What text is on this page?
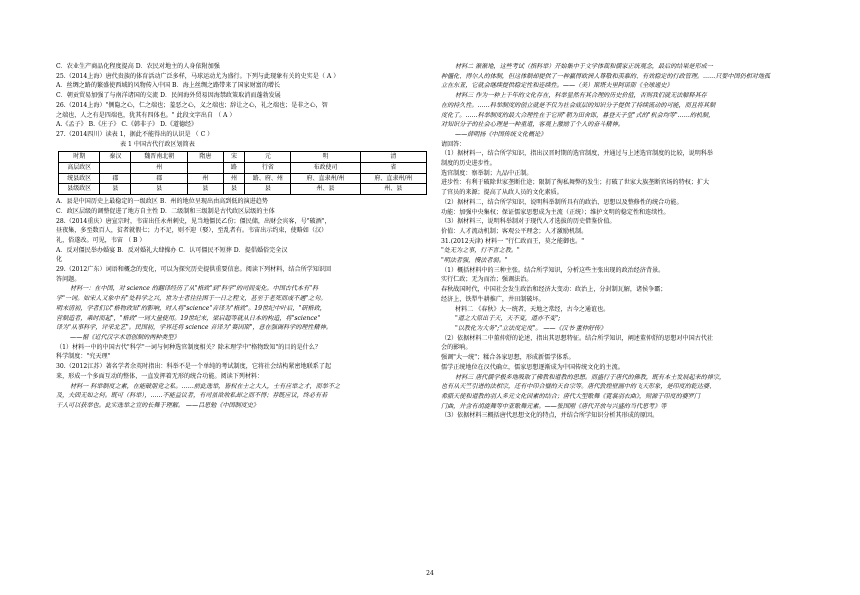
C．农业生产商品化程度提高 D．农民对地主的人身依附加强
25.（2014上海）唐代贵族的体育活动广泛多样，马球运动尤为盛行。下列与此现象有关的史实是（ A ）
A．丝绸之路的繁盛使西域的风物传入中国 B．海上丝绸之路带来了国家财富的增长
C．朝贡贸易加强了与南洋诸国的交流 D．民间海外贸易因海禁政策取消而蓬勃发展
26.（2014上海）"侧隐之心，仁之端也；羞恶之心，义之端也；辞让之心，礼之端也；是非之心，智
之端也，人之有是四端也，犹其有四体也。" 此段文字出自 （ A ）
A.《孟子》 B.《庄子》 C.《韩非子》 D.《道德经》
27.（2014四川）读表 1，据此不能得出的认识是 （ C ）
表 1 中国古代行政区划简表
时期	秦汉	魏晋南北朝	隋唐	宋	元	明	清
高层政区		州		路	行省	布政使司	省
统县政区	郡	郡	州	州	路、府、州	府、直隶州/州	府、直隶州/州
县级政区	县	县	县	县	县	州、县	州、县
A．县是中国历史上最稳定的一级政区 B．州的地位呈现出由高到低的演进趋势
C．政区层级的调整促进了地方自主性 D．二级制和三级制是古代政区层级的主体
28.（2014重庆）唐宣宗时，韦宙出任永州刺史，见当地僵民乙份；僵民储，出财会宾客，号"破酒"，
昼夜集，多至数百人，贫者就假七；力不足，则不迎（娶），至乱者有。韦宙出示约束，使略如（汉）
礼，俗遂改。可见，韦宙 （ B ）
A．反对僵民举办婚宴 B．反对婚礼大肆操办 C．认可僵民不短葬 D．提倡婚俗完全汉
化
29.（2012广东）词语和概念的变化，可以为探究历史提供重要信息。阅读下列材料，结合所学知识回
答问题。
材料一：在中国，对 science 的翻译经历了从"格致"到"科学"的司间变化。中国古代本有"科
学"一词。如宋人又象中有"处科学之兴，世为士者往往困于一日之程文，甚至于老死而或不遇"之句。
明末清初，学者们以"格物致知"的影响，时人将"science"音译为"格致"。19世纪中叶后，"研格致，
营制造者，乘时而起"，"格致"一词大量使用。19世纪末，梁启超等就从日本的构造，将"science"
译为"从事科学，评采北艺"。民国初，学界还将 science 音译为"赛因斯"，意在强调科学的理性精神。
——据《近代汉字术语创制的两种类型》
（1）材料一中的中国古代"科学"一词与何种选官制度相关？除末理学中"格物致知"的目的是什么？
科学制度："究天理"
30.（2012江苏）著名学者余英时指出：科举不是一个单纯的考试制度，它将社会结构紧密地联系了起
来，形成一个多面互动的整体，一直发挥着无形的统合功能。阅读下列材料：
材料一 科举制度之素，在能破朋党之私。……前此选举，皆权在士之大人，士有应举之才，而举不之
及，夫固无如之何。既可（科举），……不能益议者，有司虽欲收私却之而不得；荐既应议，终必有若
干人可以获举也。此实选举之宣的长舞于理解。 ——吕思勉《中国制度史》
材料二 渐渐地，这些考试（指科举）开始集中于文学体裁和儒家正统观念，最后的结果是形成一
种僵化、得尔人的体制，但这体制却提供了一种赢得欧洲人尊敬和羡慕的、有效稳定的行政管理。……只要中国仍相对地孤
立在东亚，它就会继续提供稳定性和连续性。——（美）斯塔夫里阿诺斯《全球通史》
材料三 作为一种上千年的文化存在，科举显然有其合理的历史价值，否则我们就无法解释其存
在的持久性。……科举制度的创立就是不仅为社会底层的知识分子提供了持续流动的可能，而且将其制
度化了。……科举制度的最大合理性在于它所"朝为田舍郎，暮登天子堂"式的"机会均等"……的机制，
对知识分子的社会心理是一种重道，客观上激励了个人的奋斗精神。
——薛明扬《中国传统文化概论》
请回答：
（1）据材料一，结合所学知识，指出汉晋时期的选官制度，并通过与上述选官制度的比较，说明科举
制度的历史进步性。
选官制度：察举制；九品中正制。
进步性：有利于破除世家垄断仕途；限制了徇私舞弊的发生；打破了世家大族垄断官场的特权；扩大
了官员的来源；提高了从政人员的文化素质。
（2）据材料二，结合所学知识，说明科举制所具有的政治、思想以及整修性的统合功能。
功能：加强中央集权；保证儒家思想成为主流（正统）；维护文明的稳定性和连续性。
（3）据材料三，说明科举制对于现代人才选拔的历史借鉴价值。
价值：人才流动机制；客观公平理念；人才激励机制。
31.(2012天津) 材料一 "行仁政而王，莫之能御也。"
"处无为之事，行不言之教。"
"明法者强，慢法者弱。"
（1）概括材料中的三种主张。结合所学知识，分析这些主张出现的政治经济背景。
实行仁政；无为而治；强调法治。
春秋战国时代，中国社会发生政治和经济大变动：政治上，分封制瓦解，诸侯争霸；
经济上，铁犁牛耕推广，井田制破坏。
材料二 《春秋》大一统者，天地之常经，古今之通谊也。
"道之大原出于天，天不变，道亦不变";
"以教化为大务";"立法度定度"。 ——《汉书·董仲舒传》
（2）依据材料二中董仲舒的论述，指出其思想特征。结合所学知识，阐述董仲舒的思想对中国古代社
会的影响。
强调"大一统"；糅合各家思想，形成新儒学体系。
儒学正统地位在汉代确立，儒家思想逐渐成为中国传统文化的主流。
材料三 唐代儒学极多地吸取了佛教和道教的思想。而盛行于唐代的佛教，既有本土发展起来的禅宗，
也有从天竺引进的法相宗，还有中印合璧的天台宗等。唐代敦煌壁画中的飞天形象，是印度的乾达婆、
希腊天使和道教的羽人多元文化因素的结合；唐代大型歌舞《霓裳羽衣曲》，则源于印度的婆罗门
门曲，并含有胡旋舞等中亚歌舞元素。——张国刚《唐代开放与兴盛的当代思考》等
（3）依据材料三概括唐代思想文化的特点，并结合所学知识分析其形成的原因。
24
